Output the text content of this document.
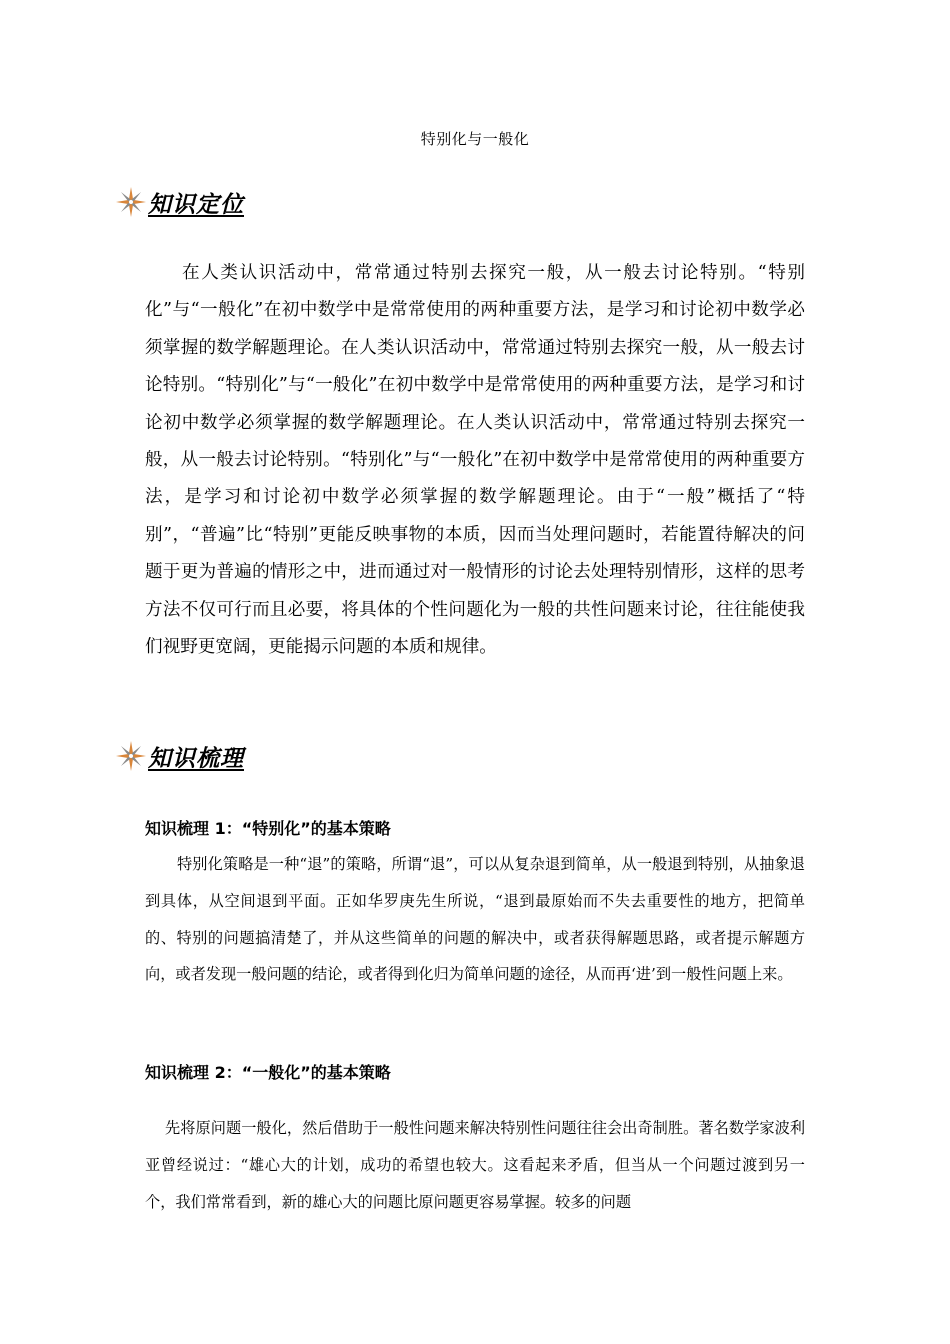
特别化与一般化
知识定位

在人类认识活动中，常常通过特别去探究一般，从一般去讨论特别。“特别化”与“一般化”在初中数学中是常常使用的两种重要方法，是学习和讨论初中数学必须掌握的数学解题理论。在人类认识活动中，常常通过特别去探究一般，从一般去讨论特别。“特别化”与“一般化”在初中数学中是常常使用的两种重要方法，是学习和讨论初中数学必须掌握的数学解题理论。在人类认识活动中，常常通过特别去探究一般，从一般去讨论特别。“特别化”与“一般化”在初中数学中是常常使用的两种重要方法，是学习和讨论初中数学必须掌握的数学解题理论。由于“一般”概括了“特别”，“普遍”比“特别”更能反映事物的本质，因而当处理问题时，若能置待解决的问题于更为普遍的情形之中，进而通过对一般情形的讨论去处理特别情形，这样的思考方法不仅可行而且必要，将具体的个性问题化为一般的共性问题来讨论，往往能使我们视野更宽阔，更能揭示问题的本质和规律。

知识梳理

知识梳理 1：“特别化”的基本策略

特别化策略是一种“退”的策略，所谓“退”，可以从复杂退到简单，从一般退到特别，从抽象退到具体，从空间退到平面。正如华罗庚先生所说，“退到最原始而不失去重要性的地方，把简单的、特别的问题搞清楚了，并从这些简单的问题的解决中，或者获得解题思路，或者提示解题方向，或者发现一般问题的结论，或者得到化归为简单问题的途径，从而再‘进’到一般性问题上来。

知识梳理 2：“一般化”的基本策略

先将原问题一般化，然后借助于一般性问题来解决特别性问题往往会出奇制胜。著名数学家波利亚曾经说过：“雄心大的计划，成功的希望也较大。这看起来矛盾，但当从一个问题过渡到另一个，我们常常看到，新的雄心大的问题比原问题更容易掌握。较多的问题
